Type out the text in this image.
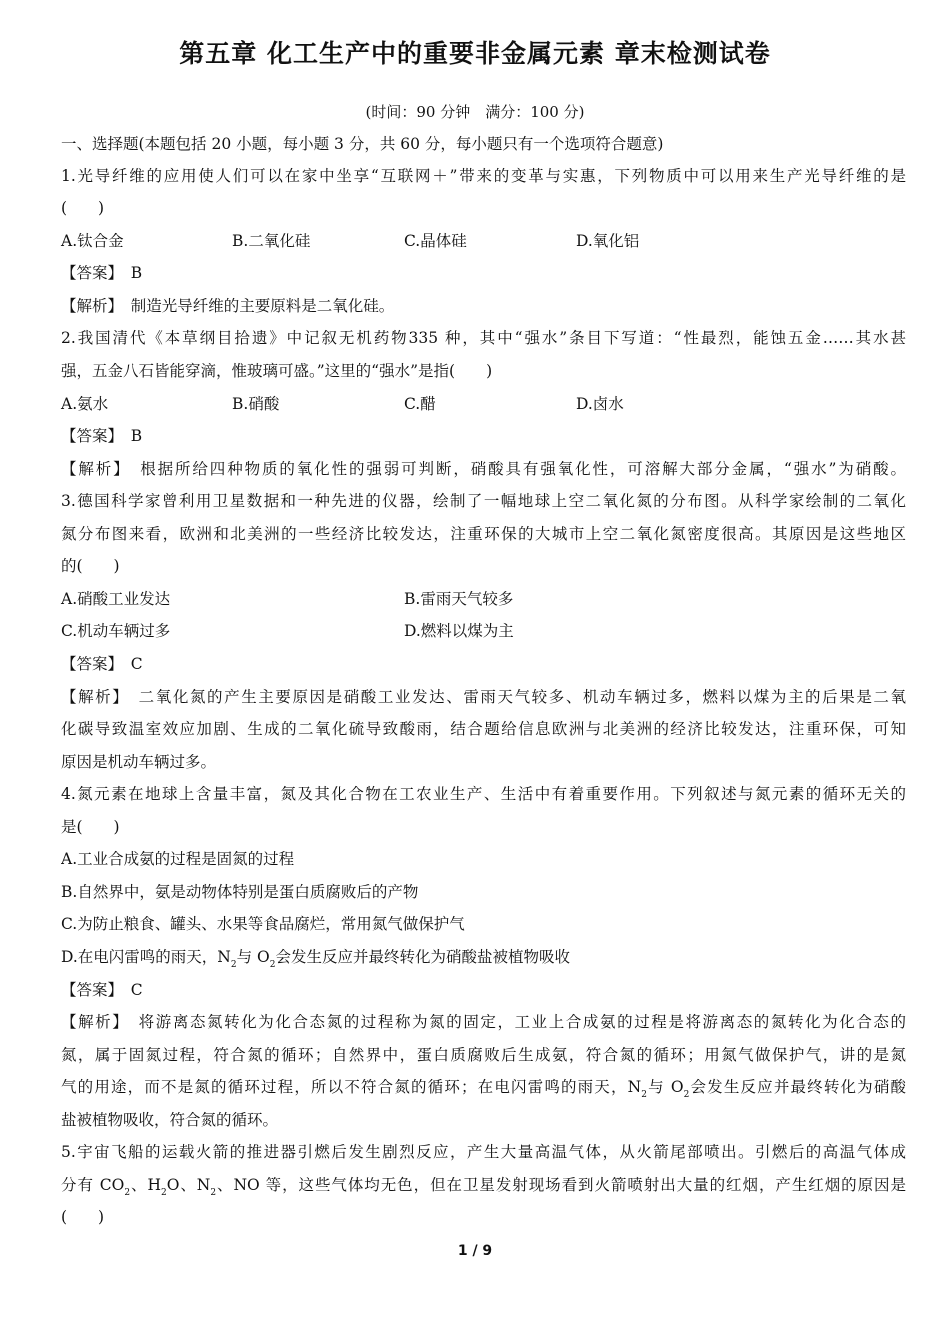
第五章 化工生产中的重要非金属元素 章末检测试卷
(时间：90 分钟　满分：100 分)
一、选择题(本题包括 20 小题，每小题 3 分，共 60 分，每小题只有一个选项符合题意)
1.光导纤维的应用使人们可以在家中坐享“互联网＋”带来的变革与实惠，下列物质中可以用来生产光导纤维的是
(　　)
A.钛合金	B.二氧化硅	C.晶体硅	D.氧化铝
【答案】　B
【解析】　制造光导纤维的主要原料是二氧化硅。
2.我国清代《本草纲目拾遗》中记叙无机药物335 种，其中“强水”条目下写道：“性最烈，能蚀五金……其水甚
强，五金八石皆能穿滴，惟玻璃可盛。”这里的“强水”是指(　　)
A.氨水	B.硝酸	C.醋	D.卤水
【答案】　B
【解析】　根据所给四种物质的氧化性的强弱可判断，硝酸具有强氧化性，可溶解大部分金属，“强水”为硝酸。
3.德国科学家曾利用卫星数据和一种先进的仪器，绘制了一幅地球上空二氧化氮的分布图。从科学家绘制的二氧化
氮分布图来看，欧洲和北美洲的一些经济比较发达，注重环保的大城市上空二氧化氮密度很高。其原因是这些地区
的(　　)
A.硝酸工业发达	B.雷雨天气较多
C.机动车辆过多	D.燃料以煤为主
【答案】　C
【解析】　二氧化氮的产生主要原因是硝酸工业发达、雷雨天气较多、机动车辆过多，燃料以煤为主的后果是二氧
化碳导致温室效应加剧、生成的二氧化硫导致酸雨，结合题给信息欧洲与北美洲的经济比较发达，注重环保，可知
原因是机动车辆过多。
4.氮元素在地球上含量丰富，氮及其化合物在工农业生产、生活中有着重要作用。下列叙述与氮元素的循环无关的
是(　　)
A.工业合成氨的过程是固氮的过程
B.自然界中，氨是动物体特别是蛋白质腐败后的产物
C.为防止粮食、罐头、水果等食品腐烂，常用氮气做保护气
D.在电闪雷鸣的雨天，$N_2$与 $O_2$会发生反应并最终转化为硝酸盐被植物吸收
【答案】　C
【解析】　将游离态氮转化为化合态氮的过程称为氮的固定，工业上合成氨的过程是将游离态的氮转化为化合态的
氮，属于固氮过程，符合氮的循环；自然界中，蛋白质腐败后生成氨，符合氮的循环；用氮气做保护气，讲的是氮
气的用途，而不是氮的循环过程，所以不符合氮的循环；在电闪雷鸣的雨天，$N_2$与 $O_2$会发生反应并最终转化为硝酸
盐被植物吸收，符合氮的循环。
5.宇宙飞船的运载火箭的推进器引燃后发生剧烈反应，产生大量高温气体，从火箭尾部喷出。引燃后的高温气体成
分有 $CO_2$、$H_2O$、$N_2$、NO 等，这些气体均无色，但在卫星发射现场看到火箭喷射出大量的红烟，产生红烟的原因是
(　　)
1 / 9
